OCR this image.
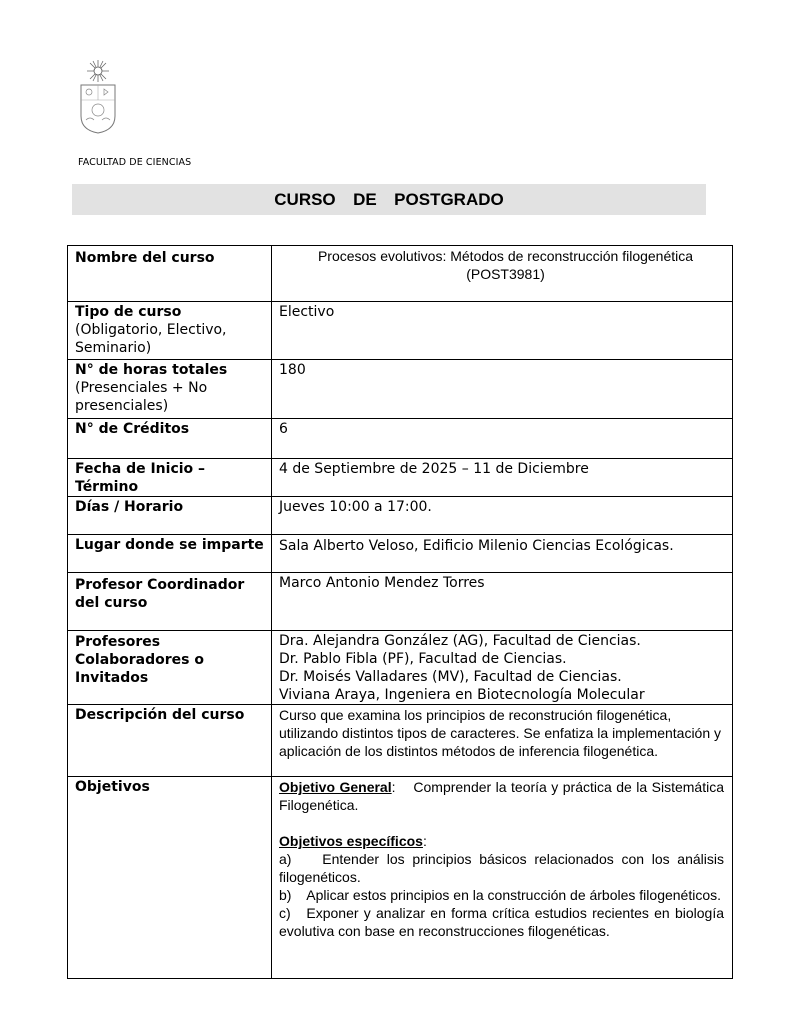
FACULTAD DE CIENCIAS
CURSO  DE  POSTGRADO
Nombre del curso	Procesos evolutivos: Métodos de reconstrucción filogenética
(POST3981)

Tipo de curso
(Obligatorio, Electivo, Seminario)	Electivo
N° de horas totales
(Presenciales + No presenciales)	180
N° de Créditos	6
Fecha de Inicio – Término	4 de Septiembre de 2025 – 11 de Diciembre
Días / Horario	Jueves 10:00 a 17:00.
Lugar donde se imparte	Sala Alberto Veloso, Edificio Milenio Ciencias Ecológicas.
Profesor Coordinador del curso	Marco Antonio Mendez Torres
Profesores Colaboradores o Invitados	Dra. Alejandra González (AG), Facultad de Ciencias.
Dr. Pablo Fibla (PF), Facultad de Ciencias.
Dr. Moisés Valladares (MV), Facultad de Ciencias.
Viviana Araya, Ingeniera en Biotecnología Molecular

Descripción del curso	Curso que examina los principios de reconstrución filogenética, utilizando distintos tipos de caracteres. Se enfatiza la implementación y aplicación de los distintos métodos de inferencia filogenética.
Objetivos	Objetivo General:    Comprender la teoría y práctica de la Sistemática Filogenética.

Objetivos específicos:

a)    Entender los principios básicos relacionados con los análisis filogenéticos.

b)    Aplicar estos principios en la construcción de árboles filogenéticos.

c)   Exponer y analizar en forma crítica estudios recientes en biología evolutiva con base en reconstrucciones filogenéticas.
